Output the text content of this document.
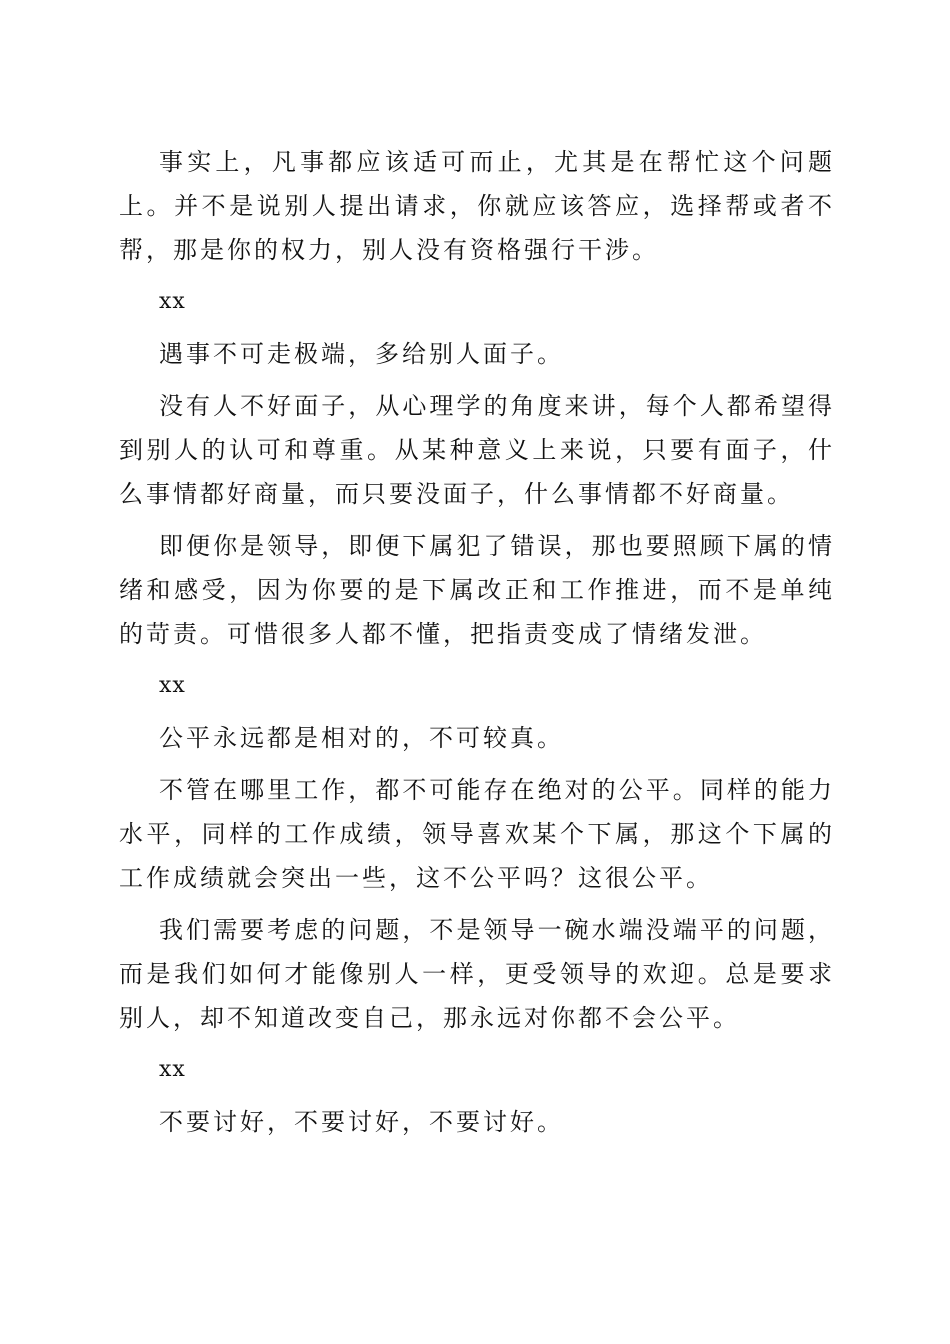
事实上，凡事都应该适可而止，尤其是在帮忙这个问题上。并不是说别人提出请求，你就应该答应，选择帮或者不帮，那是你的权力，别人没有资格强行干涉。

xx

遇事不可走极端，多给别人面子。

没有人不好面子，从心理学的角度来讲，每个人都希望得到别人的认可和尊重。从某种意义上来说，只要有面子，什么事情都好商量，而只要没面子，什么事情都不好商量。

即便你是领导，即便下属犯了错误，那也要照顾下属的情绪和感受，因为你要的是下属改正和工作推进，而不是单纯的苛责。可惜很多人都不懂，把指责变成了情绪发泄。

xx

公平永远都是相对的，不可较真。

不管在哪里工作，都不可能存在绝对的公平。同样的能力水平，同样的工作成绩，领导喜欢某个下属，那这个下属的工作成绩就会突出一些，这不公平吗？这很公平。

我们需要考虑的问题，不是领导一碗水端没端平的问题，而是我们如何才能像别人一样，更受领导的欢迎。总是要求别人，却不知道改变自己，那永远对你都不会公平。

xx

不要讨好，不要讨好，不要讨好。
